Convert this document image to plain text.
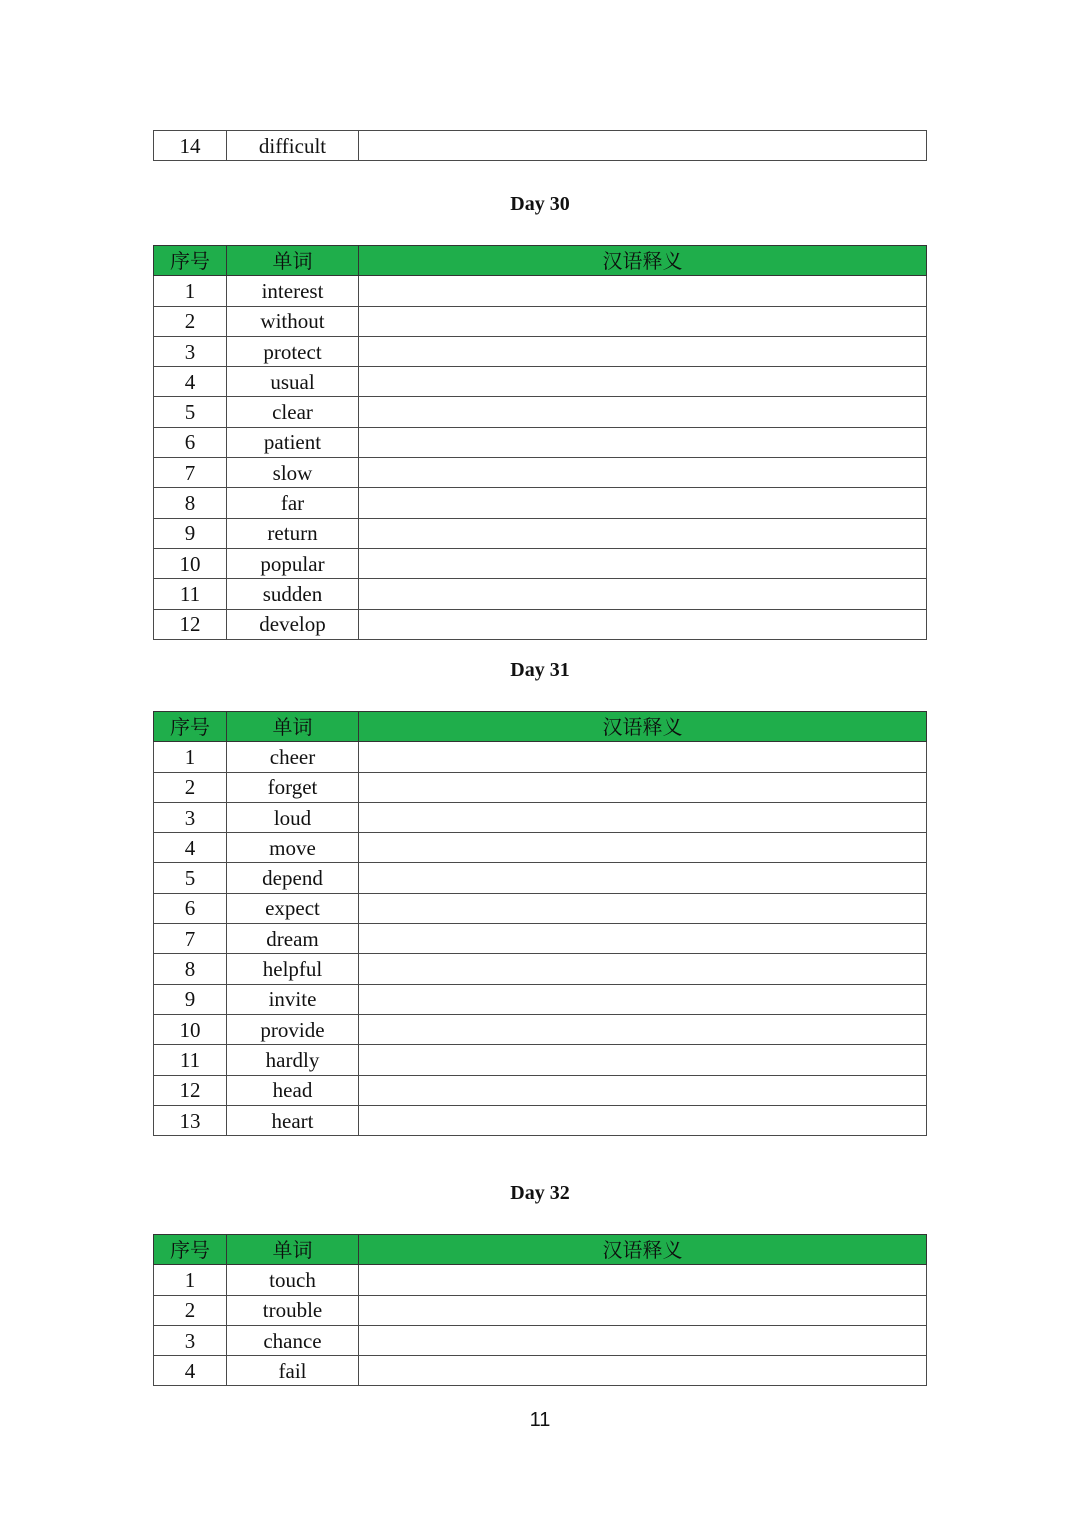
14	difficult	
Day 30
序号	单词	汉语释义
1	interest	
2	without	
3	protect	
4	usual	
5	clear	
6	patient	
7	slow	
8	far	
9	return	
10	popular	
11	sudden	
12	develop	
Day 31
序号	单词	汉语释义
1	cheer	
2	forget	
3	loud	
4	move	
5	depend	
6	expect	
7	dream	
8	helpful	
9	invite	
10	provide	
11	hardly	
12	head	
13	heart	
Day 32
序号	单词	汉语释义
1	touch	
2	trouble	
3	chance	
4	fail	
11
